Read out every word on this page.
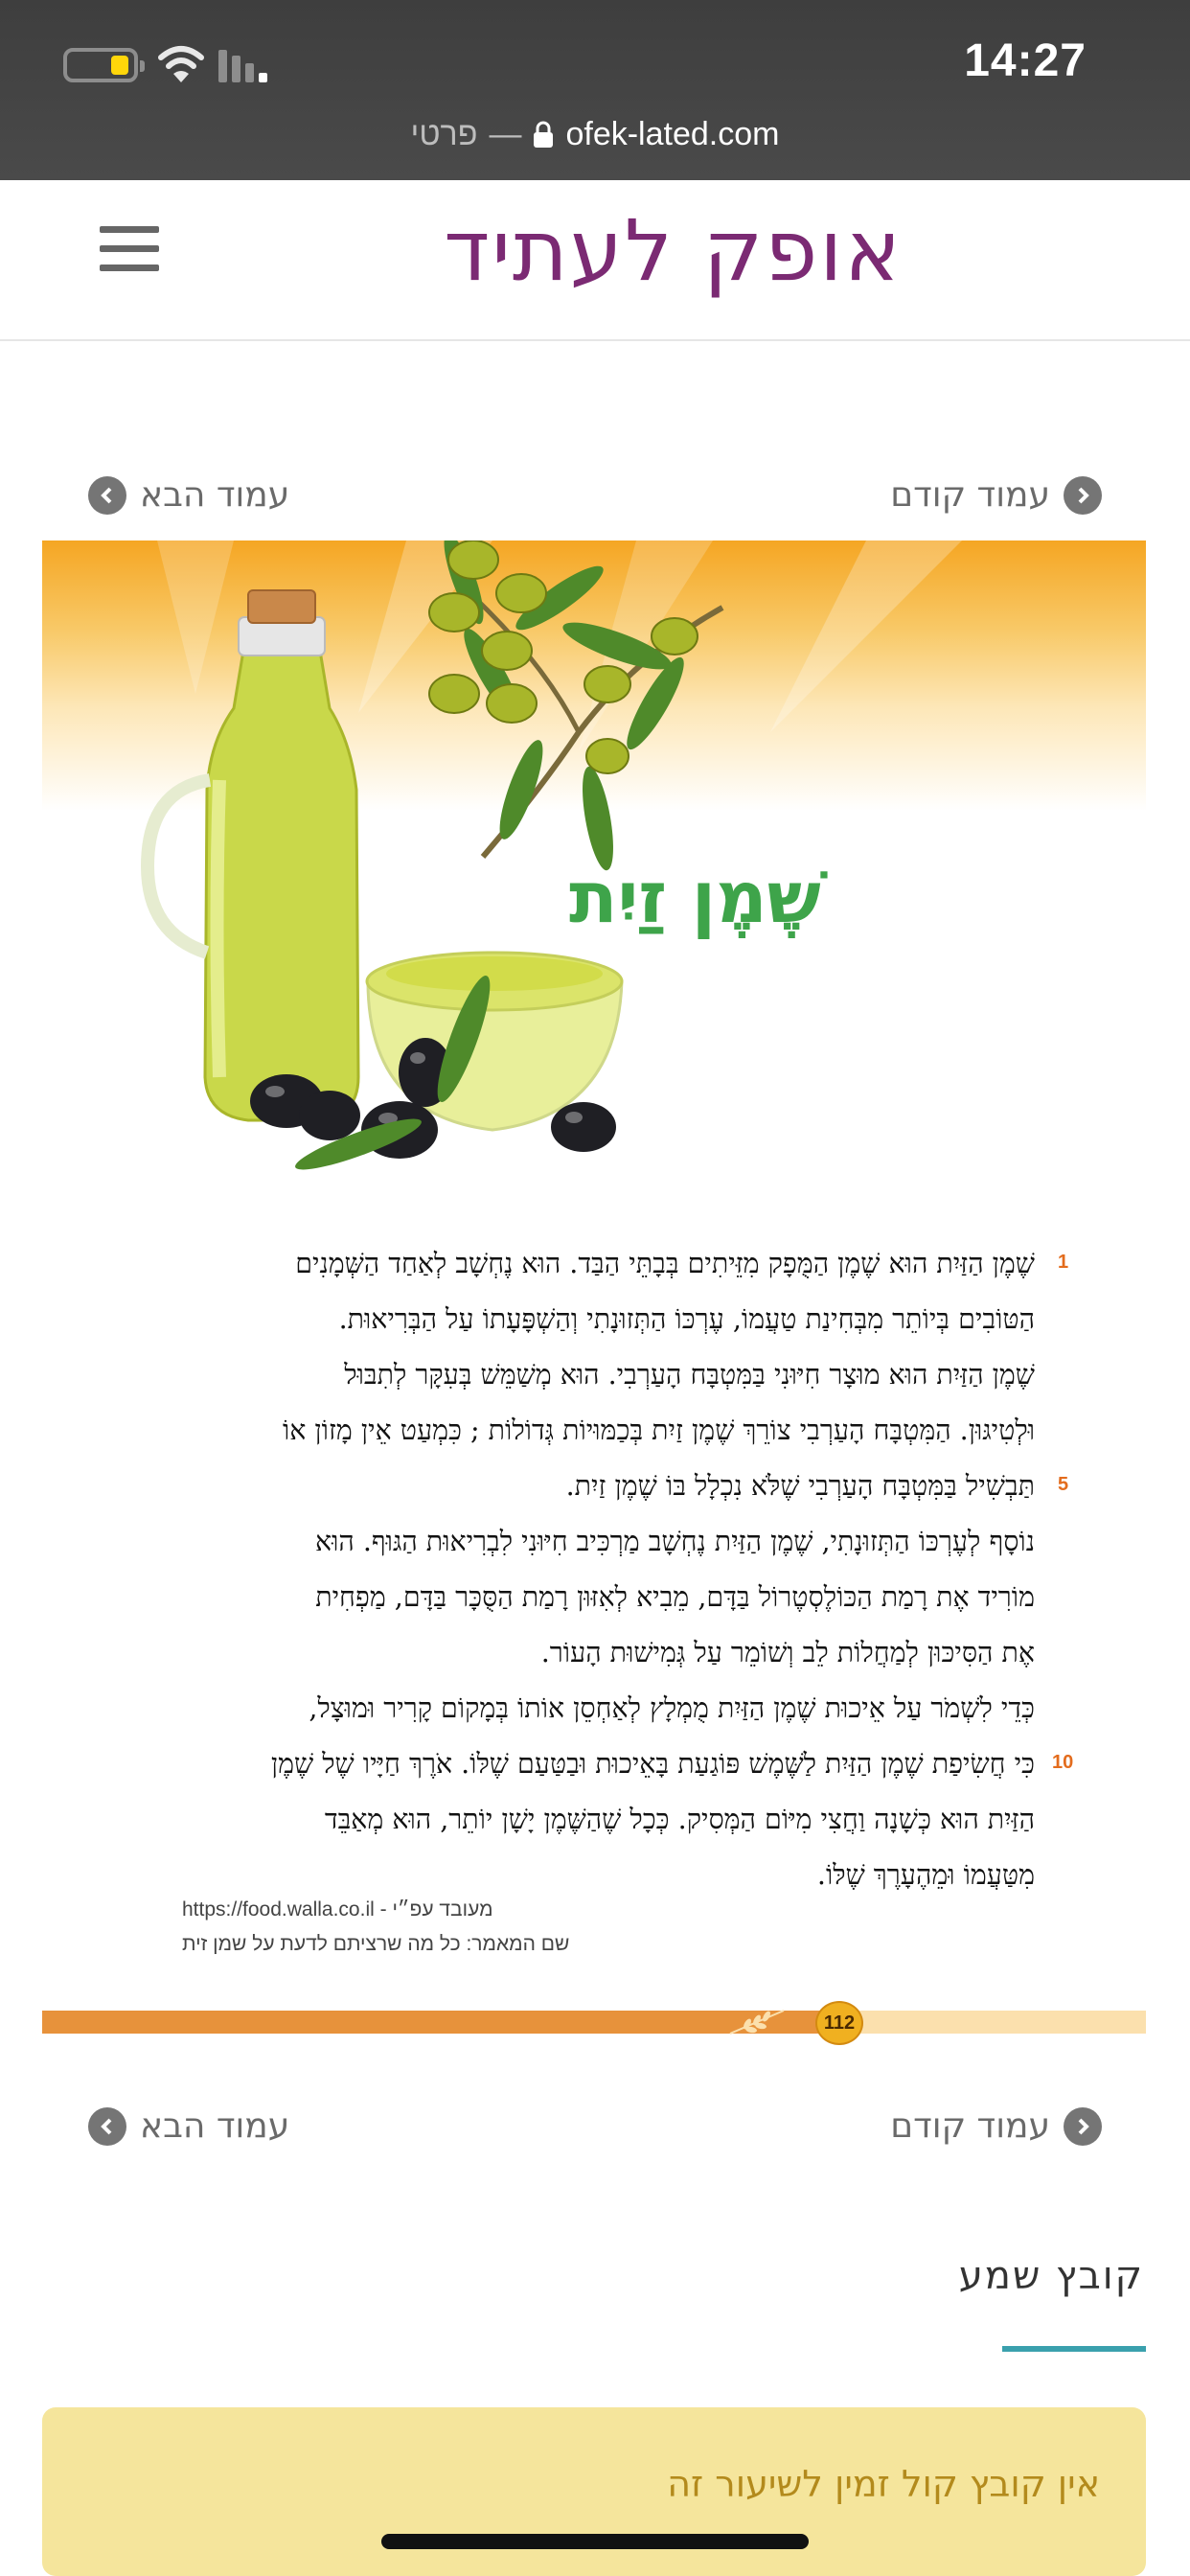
14:27
פרטי — ofek-lated.com
אופק לעתיד
עמוד הבא	עמוד קודם
שֶׁמֶן זַיִת
שֶׁמֶן הַזַּיִת הוּא שֶׁמֶן הַמֻּפָק מִזֵּיתִים בְּבָתֵּי הַבַּד. הוּא נֶחְשָׁב לְאַחַד הַשְּׁמָנִים
הַטּוֹבִים בְּיוֹתֵר מִבְּחִינַת טַעֲמוֹ, עֶרְכּוֹ הַתְּזוּנָתִי וְהַשְׁפָּעָתוֹ עַל הַבְּרִיאוּת.
שֶׁמֶן הַזַּיִת הוּא מוּצָר חִיּוּנִי בַּמִּטְבָּח הָעַרְבִי. הוּא מְשַׁמֵּשׁ בְּעִקָּר לְתִבּוּל
וּלְטִיגּוּן. הַמִּטְבָּח הָעַרְבִי צוֹרֵךְ שֶׁמֶן זַיִת בְּכַמּוּיוֹת גְּדוֹלוֹת ; כִּמְעַט אֵין מָזוֹן אוֹ
תַּבְשִׁיל בַּמִּטְבָּח הָעַרְבִי שֶׁלֹּא נִכְלָל בּוֹ שֶׁמֶן זַיִת.
נוֹסָף לְעֶרְכּוֹ הַתְּזוּנָתִי, שֶׁמֶן הַזַּיִת נֶחְשָׁב מַרְכִּיב חִיּוּנִי לִבְרִיאוּת הַגּוּף. הוּא
מוֹרִיד אֶת רָמַת הַכּוֹלֶסְטֶרוֹל בַּדָּם, מֵבִיא לְאִזּוּן רָמַת הַסֻּכָּר בַּדָּם, מַפְחִית
אֶת הַסִּיכּוּן לְמַחֲלוֹת לֵב וְשׁוֹמֵר עַל גְּמִישׁוּת הָעוֹר.
כְּדֵי לִשְׁמֹר עַל אֵיכוּת שֶׁמֶן הַזַּיִת מֻמְלָץ לְאַחְסֵן אוֹתוֹ בְּמָקוֹם קָרִיר וּמוּצָל,
כִּי חֲשִׂיפַת שֶׁמֶן הַזַּיִת לַשֶּׁמֶשׁ פּוֹגַעַת בָּאֵיכוּת וּבַטַּעַם שֶׁלּוֹ. אֹרֶךְ חַיָּיו שֶׁל שֶׁמֶן
הַזַּיִת הוּא כְּשָׁנָה וַחֲצִי מִיּוֹם הַמְּסִיק. כְּכָל שֶׁהַשֶּׁמֶן יָשָׁן יוֹתֵר, הוּא מְאַבֵּד
מִטַּעֲמוֹ וּמֵהֶעָרֶךְ שֶׁלּוֹ.
1
5
10
https://food.walla.co.il - מעובד עפ״י
שם המאמר: כל מה שרציתם לדעת על שמן זית
112
עמוד הבא	עמוד קודם
קובץ שמע
אין קובץ קול זמין לשיעור זה
